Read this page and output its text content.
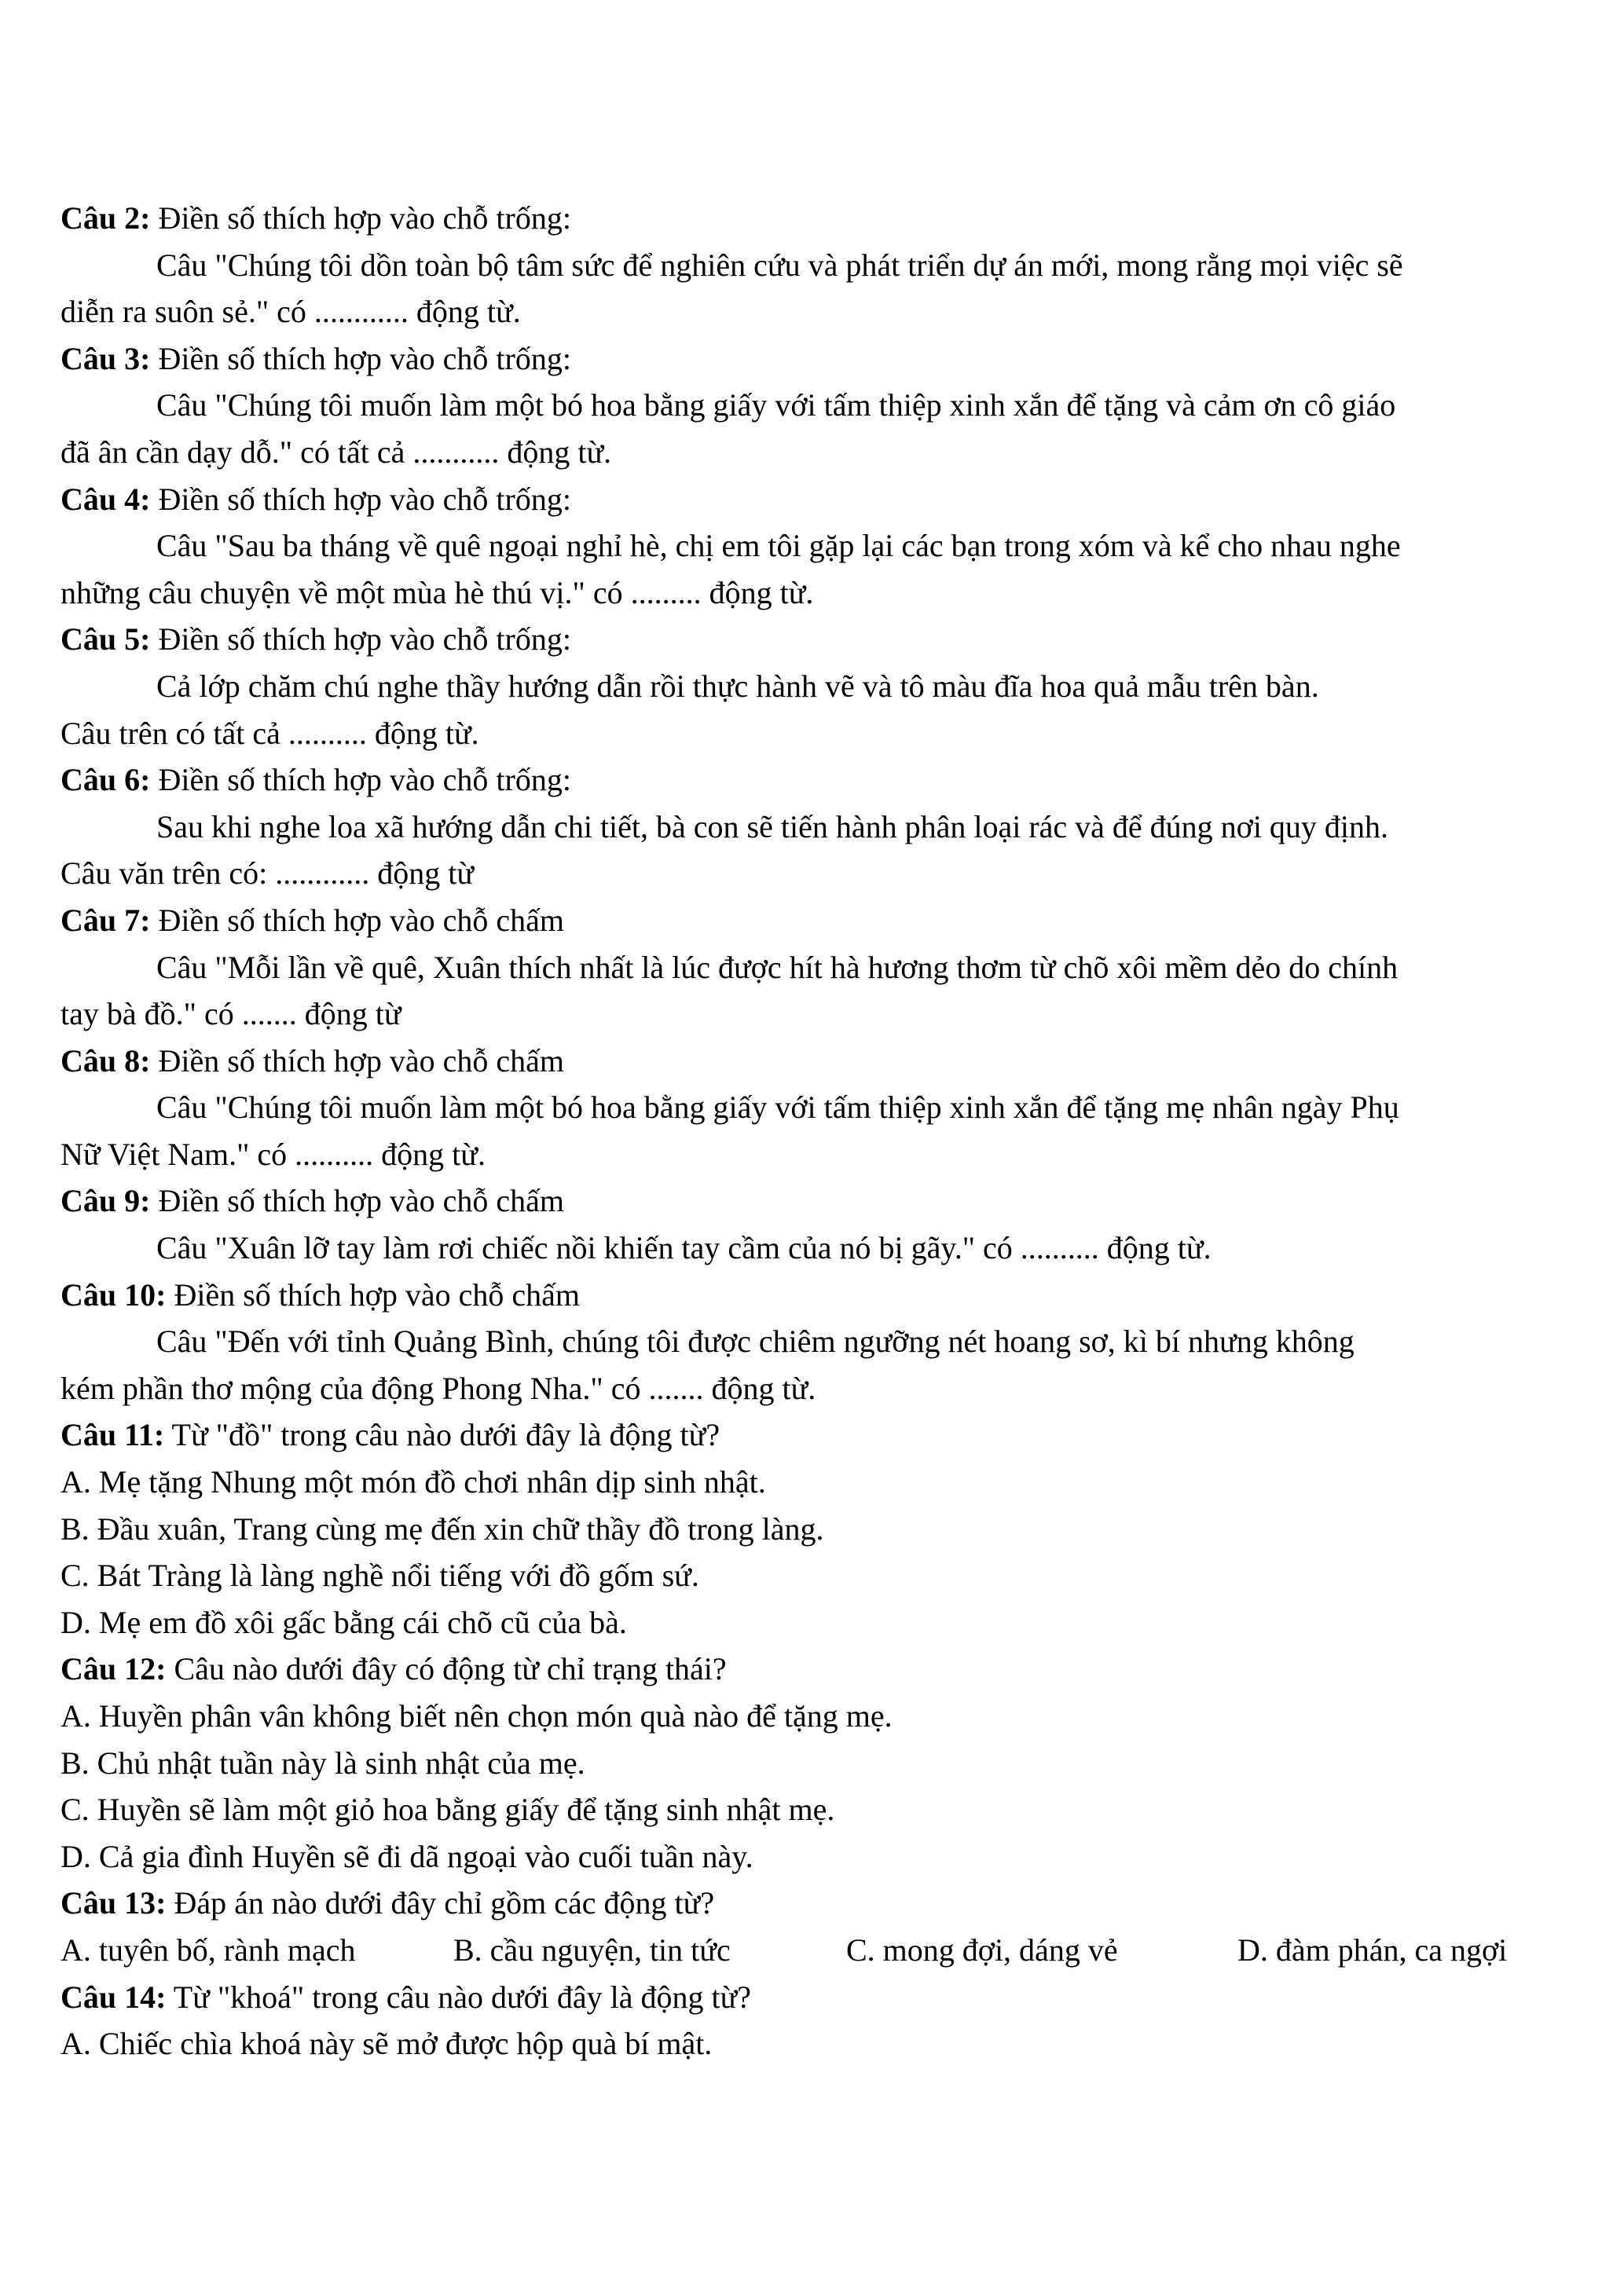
Câu 2: Điền số thích hợp vào chỗ trống:
Câu "Chúng tôi dồn toàn bộ tâm sức để nghiên cứu và phát triển dự án mới, mong rằng mọi việc sẽ
diễn ra suôn sẻ." có ............ động từ.
Câu 3: Điền số thích hợp vào chỗ trống:
Câu "Chúng tôi muốn làm một bó hoa bằng giấy với tấm thiệp xinh xắn để tặng và cảm ơn cô giáo
đã ân cần dạy dỗ." có tất cả ........... động từ.
Câu 4: Điền số thích hợp vào chỗ trống:
Câu "Sau ba tháng về quê ngoại nghỉ hè, chị em tôi gặp lại các bạn trong xóm và kể cho nhau nghe
những câu chuyện về một mùa hè thú vị." có ......... động từ.
Câu 5: Điền số thích hợp vào chỗ trống:
Cả lớp chăm chú nghe thầy hướng dẫn rồi thực hành vẽ và tô màu đĩa hoa quả mẫu trên bàn.
Câu trên có tất cả .......... động từ.
Câu 6: Điền số thích hợp vào chỗ trống:
Sau khi nghe loa xã hướng dẫn chi tiết, bà con sẽ tiến hành phân loại rác và để đúng nơi quy định.
Câu văn trên có: ............ động từ
Câu 7: Điền số thích hợp vào chỗ chấm
Câu "Mỗi lần về quê, Xuân thích nhất là lúc được hít hà hương thơm từ chõ xôi mềm dẻo do chính
tay bà đồ." có ....... động từ
Câu 8: Điền số thích hợp vào chỗ chấm
Câu "Chúng tôi muốn làm một bó hoa bằng giấy với tấm thiệp xinh xắn để tặng mẹ nhân ngày Phụ
Nữ Việt Nam." có .......... động từ.
Câu 9: Điền số thích hợp vào chỗ chấm
Câu "Xuân lỡ tay làm rơi chiếc nồi khiến tay cầm của nó bị gãy." có .......... động từ.
Câu 10: Điền số thích hợp vào chỗ chấm
Câu "Đến với tỉnh Quảng Bình, chúng tôi được chiêm ngưỡng nét hoang sơ, kì bí nhưng không
kém phần thơ mộng của động Phong Nha." có ....... động từ.
Câu 11: Từ "đồ" trong câu nào dưới đây là động từ?
A. Mẹ tặng Nhung một món đồ chơi nhân dịp sinh nhật.
B. Đầu xuân, Trang cùng mẹ đến xin chữ thầy đồ trong làng.
C. Bát Tràng là làng nghề nổi tiếng với đồ gốm sứ.
D. Mẹ em đồ xôi gấc bằng cái chõ cũ của bà.
Câu 12: Câu nào dưới đây có động từ chỉ trạng thái?
A. Huyền phân vân không biết nên chọn món quà nào để tặng mẹ.
B. Chủ nhật tuần này là sinh nhật của mẹ.
C. Huyền sẽ làm một giỏ hoa bằng giấy để tặng sinh nhật mẹ.
D. Cả gia đình Huyền sẽ đi dã ngoại vào cuối tuần này.
Câu 13: Đáp án nào dưới đây chỉ gồm các động từ?
A. tuyên bố, rành mạch	B. cầu nguyện, tin tức	C. mong đợi, dáng vẻ	D. đàm phán, ca ngợi
Câu 14: Từ "khoá" trong câu nào dưới đây là động từ?
A. Chiếc chìa khoá này sẽ mở được hộp quà bí mật.
